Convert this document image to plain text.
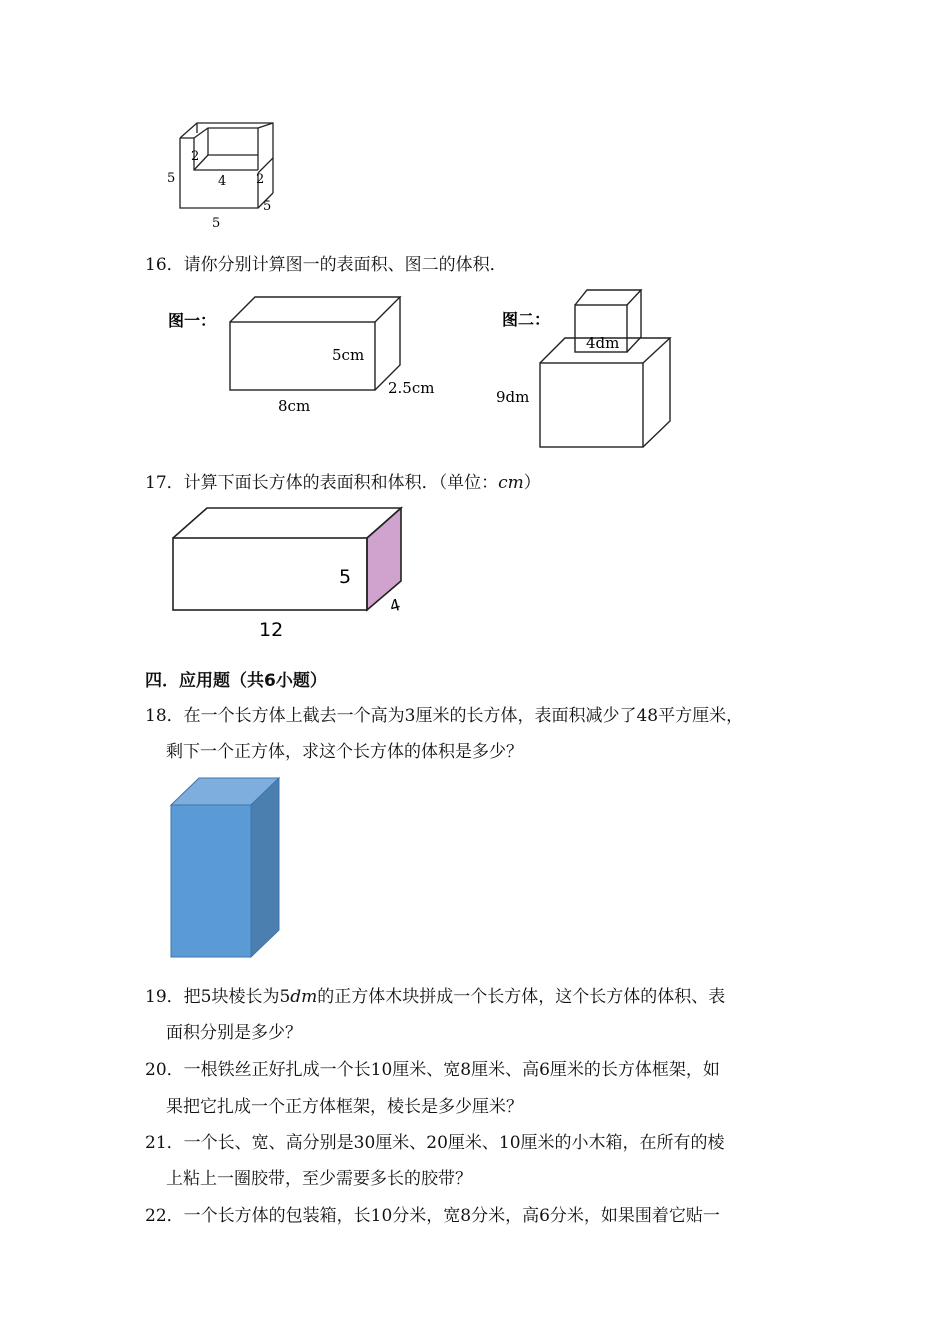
2
4 2
5
5
5
16．请你分别计算图一的表面积、图二的体积．
图一：
5cm
8cm
2.5cm
图二：
4dm
9dm
17．计算下面长方体的表面积和体积．（单位：cm）
5
12
4
四．应用题（共6小题）
18．在一个长方体上截去一个高为3厘米的长方体，表面积减少了48平方厘米，
剩下一个正方体，求这个长方体的体积是多少？
19．把5块棱长为5dm的正方体木块拼成一个长方体，这个长方体的体积、表
面积分别是多少？
20．一根铁丝正好扎成一个长10厘米、宽8厘米、高6厘米的长方体框架，如
果把它扎成一个正方体框架，棱长是多少厘米？
21．一个长、宽、高分别是30厘米、20厘米、10厘米的小木箱，在所有的棱
上粘上一圈胶带，至少需要多长的胶带？
22．一个长方体的包装箱，长10分米，宽8分米，高6分米，如果围着它贴一
